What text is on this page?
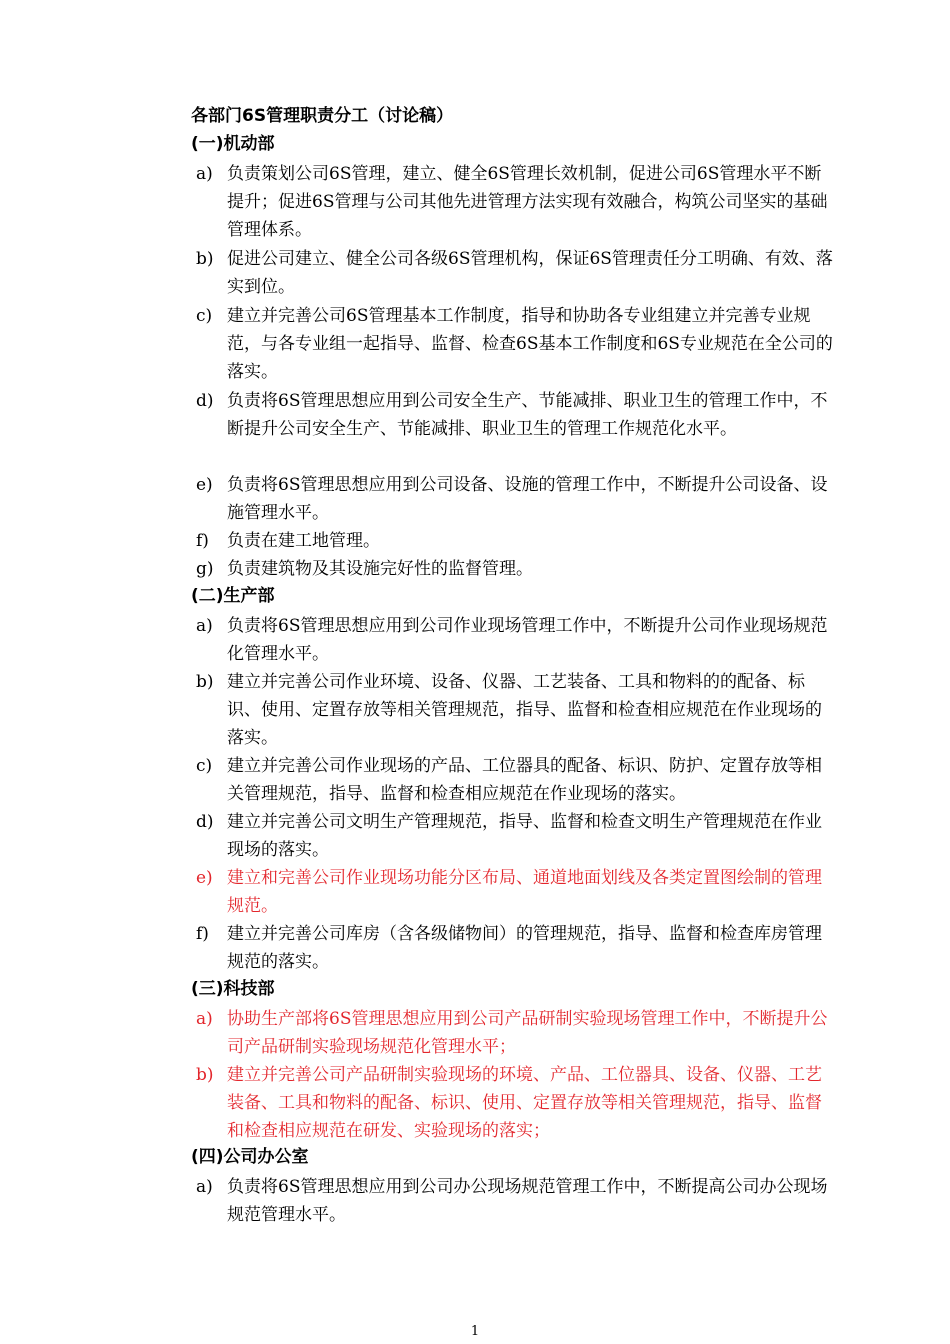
各部门6S管理职责分工（讨论稿）
(一)机动部
a) 负责策划公司6S管理，建立、健全6S管理长效机制，促进公司6S管理水平不断提升；促进6S管理与公司其他先进管理方法实现有效融合，构筑公司坚实的基础管理体系。
b) 促进公司建立、健全公司各级6S管理机构，保证6S管理责任分工明确、有效、落实到位。
c) 建立并完善公司6S管理基本工作制度，指导和协助各专业组建立并完善专业规范，与各专业组一起指导、监督、检查6S基本工作制度和6S专业规范在全公司的落实。
d) 负责将6S管理思想应用到公司安全生产、节能减排、职业卫生的管理工作中，不断提升公司安全生产、节能减排、职业卫生的管理工作规范化水平。
e) 负责将6S管理思想应用到公司设备、设施的管理工作中，不断提升公司设备、设施管理水平。
f)	负责在建工地管理。
g) 负责建筑物及其设施完好性的监督管理。
(二)生产部
a) 负责将6S管理思想应用到公司作业现场管理工作中，不断提升公司作业现场规范化管理水平。
b) 建立并完善公司作业环境、设备、仪器、工艺装备、工具和物料的的配备、标识、使用、定置存放等相关管理规范，指导、监督和检查相应规范在作业现场的落实。
c) 建立并完善公司作业现场的产品、工位器具的配备、标识、防护、定置存放等相关管理规范，指导、监督和检查相应规范在作业现场的落实。
d) 建立并完善公司文明生产管理规范，指导、监督和检查文明生产管理规范在作业现场的落实。
e) 建立和完善公司作业现场功能分区布局、通道地面划线及各类定置图绘制的管理规范。
f)	建立并完善公司库房（含各级储物间）的管理规范，指导、监督和检查库房管理规范的落实。
(三)科技部
a) 协助生产部将6S管理思想应用到公司产品研制实验现场管理工作中，不断提升公司产品研制实验现场规范化管理水平；
b) 建立并完善公司产品研制实验现场的环境、产品、工位器具、设备、仪器、工艺装备、工具和物料的配备、标识、使用、定置存放等相关管理规范，指导、监督和检查相应规范在研发、实验现场的落实；
(四)公司办公室
a) 负责将6S管理思想应用到公司办公现场规范管理工作中，不断提高公司办公现场规范管理水平。
1
